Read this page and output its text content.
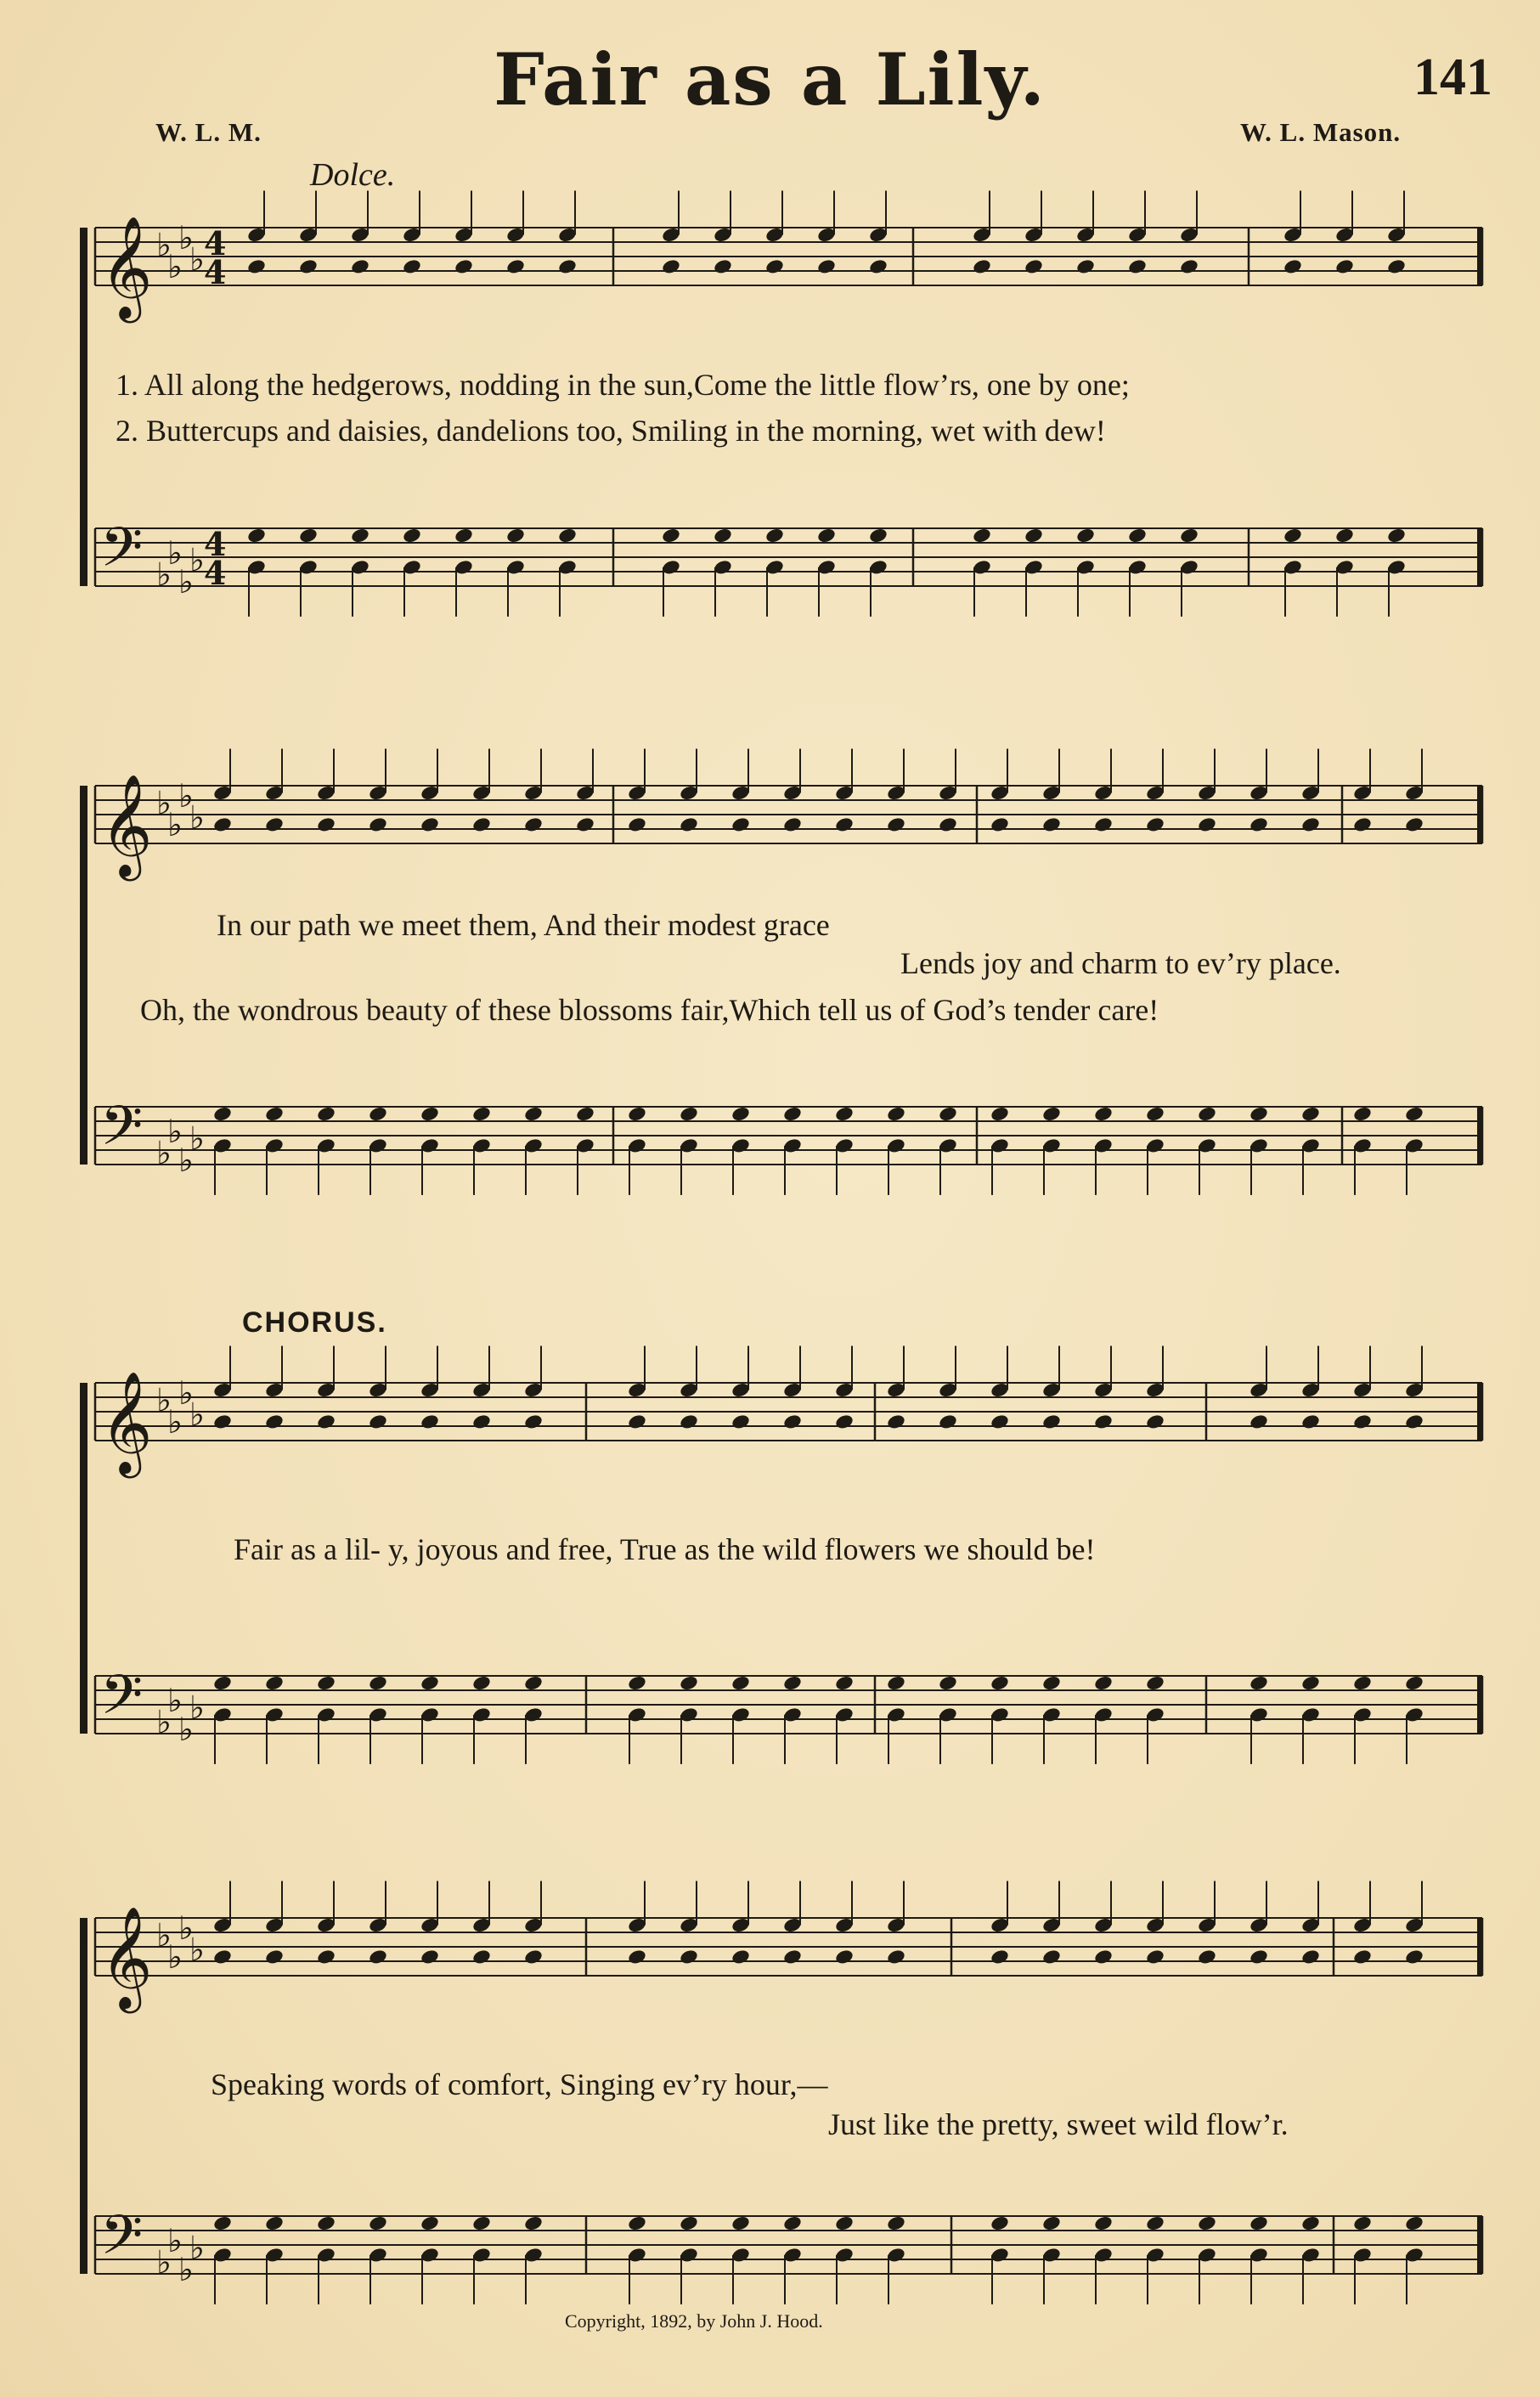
Fair as a Lily.	141
W. L. M.	W. L. Mason.
Dolce.
𝄞 ♭
♭
♭
♭ 4
4
𝄢 ♭
♭
♭
♭ 4
4
𝄞 ♭
♭
♭
♭
𝄢 ♭
♭
♭
♭
𝄞 ♭
♭
♭
♭
𝄢 ♭
♭
♭
♭
𝄞 ♭
♭
♭
♭
𝄢 ♭
♭
♭
♭
1. All along the hedgerows, nodding in the sun,Come the little flow’rs, one by one;
2. Buttercups and daisies, dandelions too, Smiling in the morning, wet with dew!
In our path we meet them, And their modest grace
Lends joy and charm to ev’ry place.
Oh, the wondrous beauty of these blossoms fair,Which tell us of God’s tender care!
CHORUS.
Fair as a lil- y, joyous and free, True as the wild flowers we should be!
Speaking words of comfort, Singing ev’ry hour,—
Just like the pretty, sweet wild flow’r.
Copyright, 1892, by John J. Hood.
